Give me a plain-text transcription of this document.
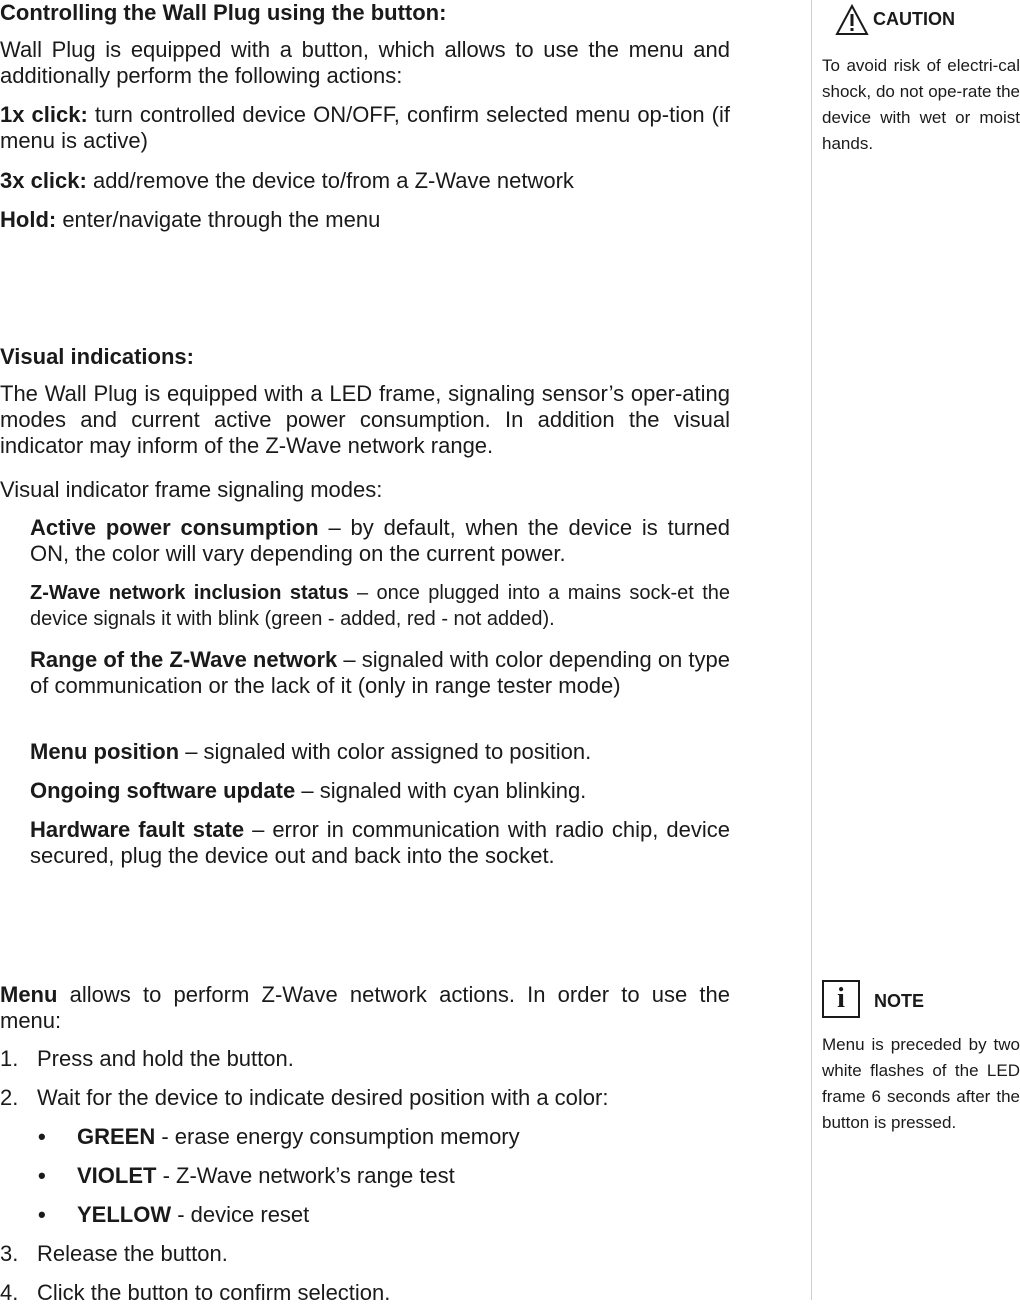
Controlling the Wall Plug using the button:

Wall Plug is equipped with a button, which allows to use the menu and additionally perform the following actions:

1x click: turn controlled device ON/OFF, conﬁrm selected menu op-tion (if menu is active)

3x click: add/remove the device to/from a Z-Wave network

Hold: enter/navigate through the menu

Visual indications:

The Wall Plug is equipped with a LED frame, signaling sensor’s oper-ating modes and current active power consumption. In addition the visual indicator may inform of the Z-Wave network range.

Visual indicator frame signaling modes:

Active power consumption – by default, when the device is turned ON, the color will vary depending on the current power.

Z-Wave network inclusion status – once plugged into a mains sock-et the device signals it with blink (green - added, red - not added).

Range of the Z-Wave network – signaled with color depending on type of communication or the lack of it (only in range tester mode)

Menu position – signaled with color assigned to position.

Ongoing software update – signaled with cyan blinking.

Hardware fault state – error in communication with radio chip, device secured, plug the device out and back into the socket.

Menu allows to perform Z-Wave network actions. In order to use the menu:

1. Press and hold the button.
2. Wait for the device to indicate desired position with a color:
• GREEN - erase energy consumption memory
• VIOLET - Z-Wave network’s range test
• YELLOW - device reset
3. Release the button.
4. Click the button to conﬁrm selection.
CAUTION

To avoid risk of electri-cal shock, do not ope-rate the device with wet or moist hands.

i	NOTE

Menu is preceded by two white ﬂashes of the LED frame 6 seconds after the button is pressed.
